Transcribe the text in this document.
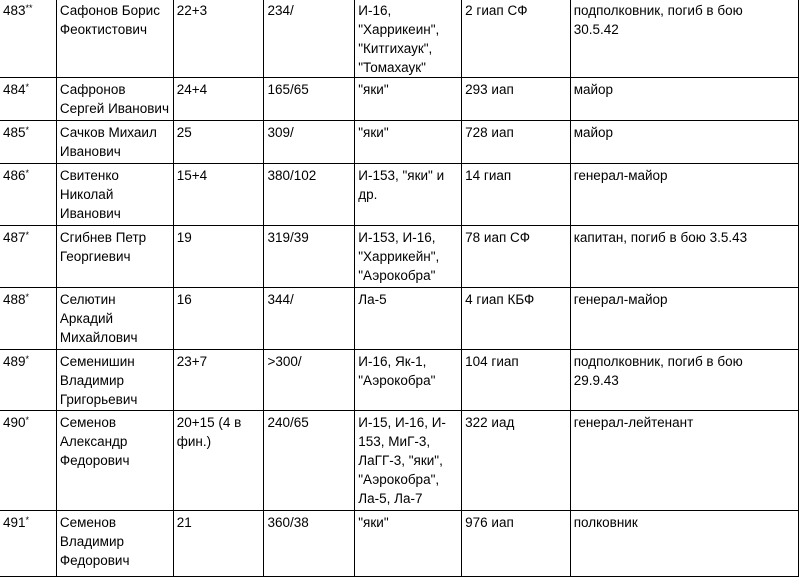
483**	Сафонов Борис
Феоктистович	22+3	234/	И-16,
"Харрикеин",
"Китгихаук",
"Томахаук"	2 гиап СФ	подполковник, погиб в бою
30.5.42
484*	Сафронов
Сергей Иванович	24+4	165/65	"яки"	293 иап	майор
485*	Сачков Михаил
Иванович	25	309/	"яки"	728 иап	майор
486*	Свитенко
Николай
Иванович	15+4	380/102	И-153, "яки" и
др.	14 гиап	генерал-майор
487*	Сгибнев Петр
Георгиевич	19	319/39	И-153, И-16,
"Харрикейн",
"Аэрокобра"	78 иап СФ	капитан, погиб в бою 3.5.43
488*	Селютин
Аркадий
Михайлович	16	344/	Ла-5	4 гиап КБФ	генерал-майор
489*	Семенишин
Владимир
Григорьевич	23+7	>300/	И-16, Як-1,
"Аэрокобра"	104 гиап	подполковник, погиб в бою
29.9.43
490*	Семенов
Александр
Федорович	20+15 (4 в
фин.)	240/65	И-15, И-16, И-
153, МиГ-3,
ЛаГГ-3, "яки",
"Аэрокобра",
Ла-5, Ла-7	322 иад	генерал-лейтенант
491*	Семенов
Владимир
Федорович	21	360/38	"яки"	976 иап	полковник
